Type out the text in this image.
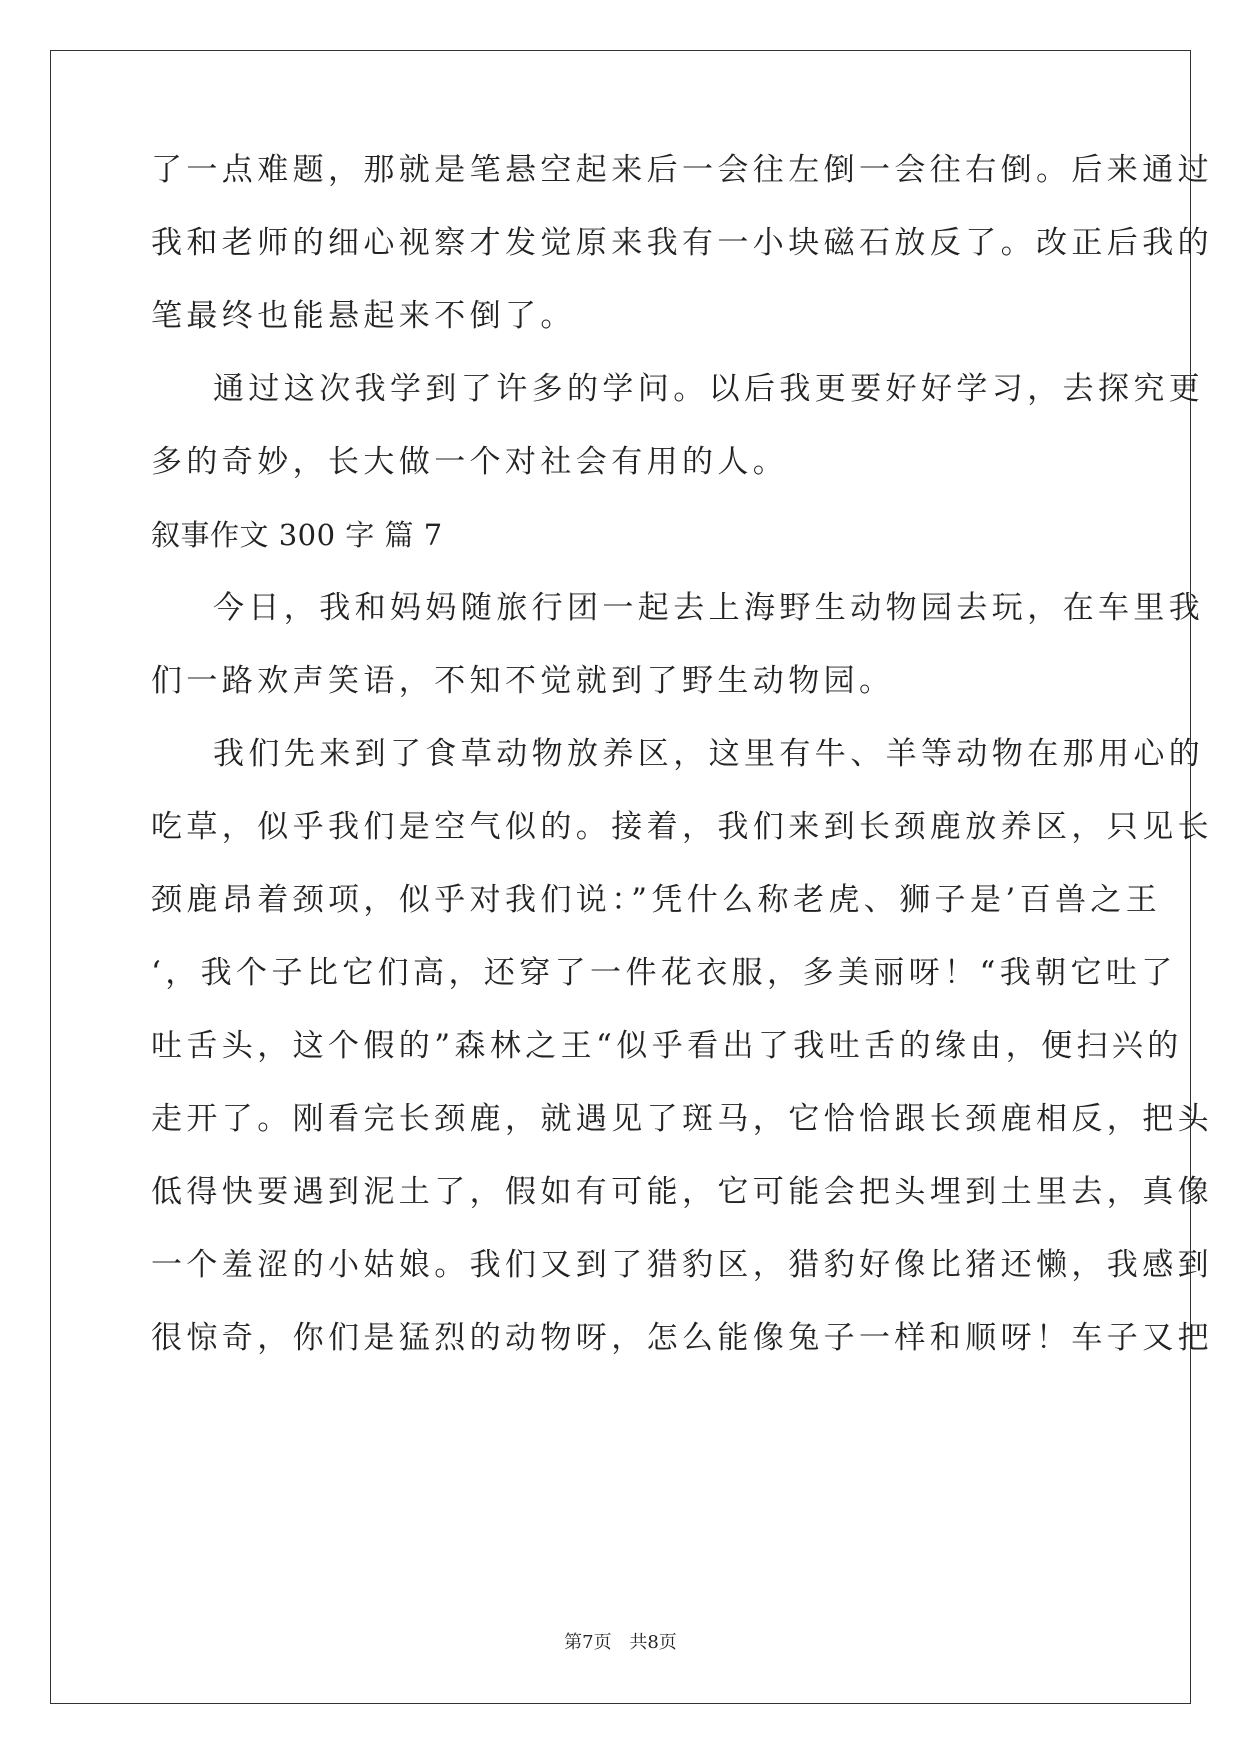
了一点难题，那就是笔悬空起来后一会往左倒一会往右倒。后来通过
我和老师的细心视察才发觉原来我有一小块磁石放反了。改正后我的
笔最终也能悬起来不倒了。
通过这次我学到了许多的学问。以后我更要好好学习，去探究更
多的奇妙，长大做一个对社会有用的人。
叙事作文 300 字 篇 7
今日，我和妈妈随旅行团一起去上海野生动物园去玩，在车里我
们一路欢声笑语，不知不觉就到了野生动物园。
我们先来到了食草动物放养区，这里有牛、羊等动物在那用心的
吃草，似乎我们是空气似的。接着，我们来到长颈鹿放养区，只见长
颈鹿昂着颈项，似乎对我们说：”凭什么称老虎、狮子是’百兽之王
‘，我个子比它们高，还穿了一件花衣服，多美丽呀！“我朝它吐了
吐舌头，这个假的”森林之王“似乎看出了我吐舌的缘由，便扫兴的
走开了。刚看完长颈鹿，就遇见了斑马，它恰恰跟长颈鹿相反，把头
低得快要遇到泥土了，假如有可能，它可能会把头埋到土里去，真像
一个羞涩的小姑娘。我们又到了猎豹区，猎豹好像比猪还懒，我感到
很惊奇，你们是猛烈的动物呀，怎么能像兔子一样和顺呀！车子又把
第7页 共8页
